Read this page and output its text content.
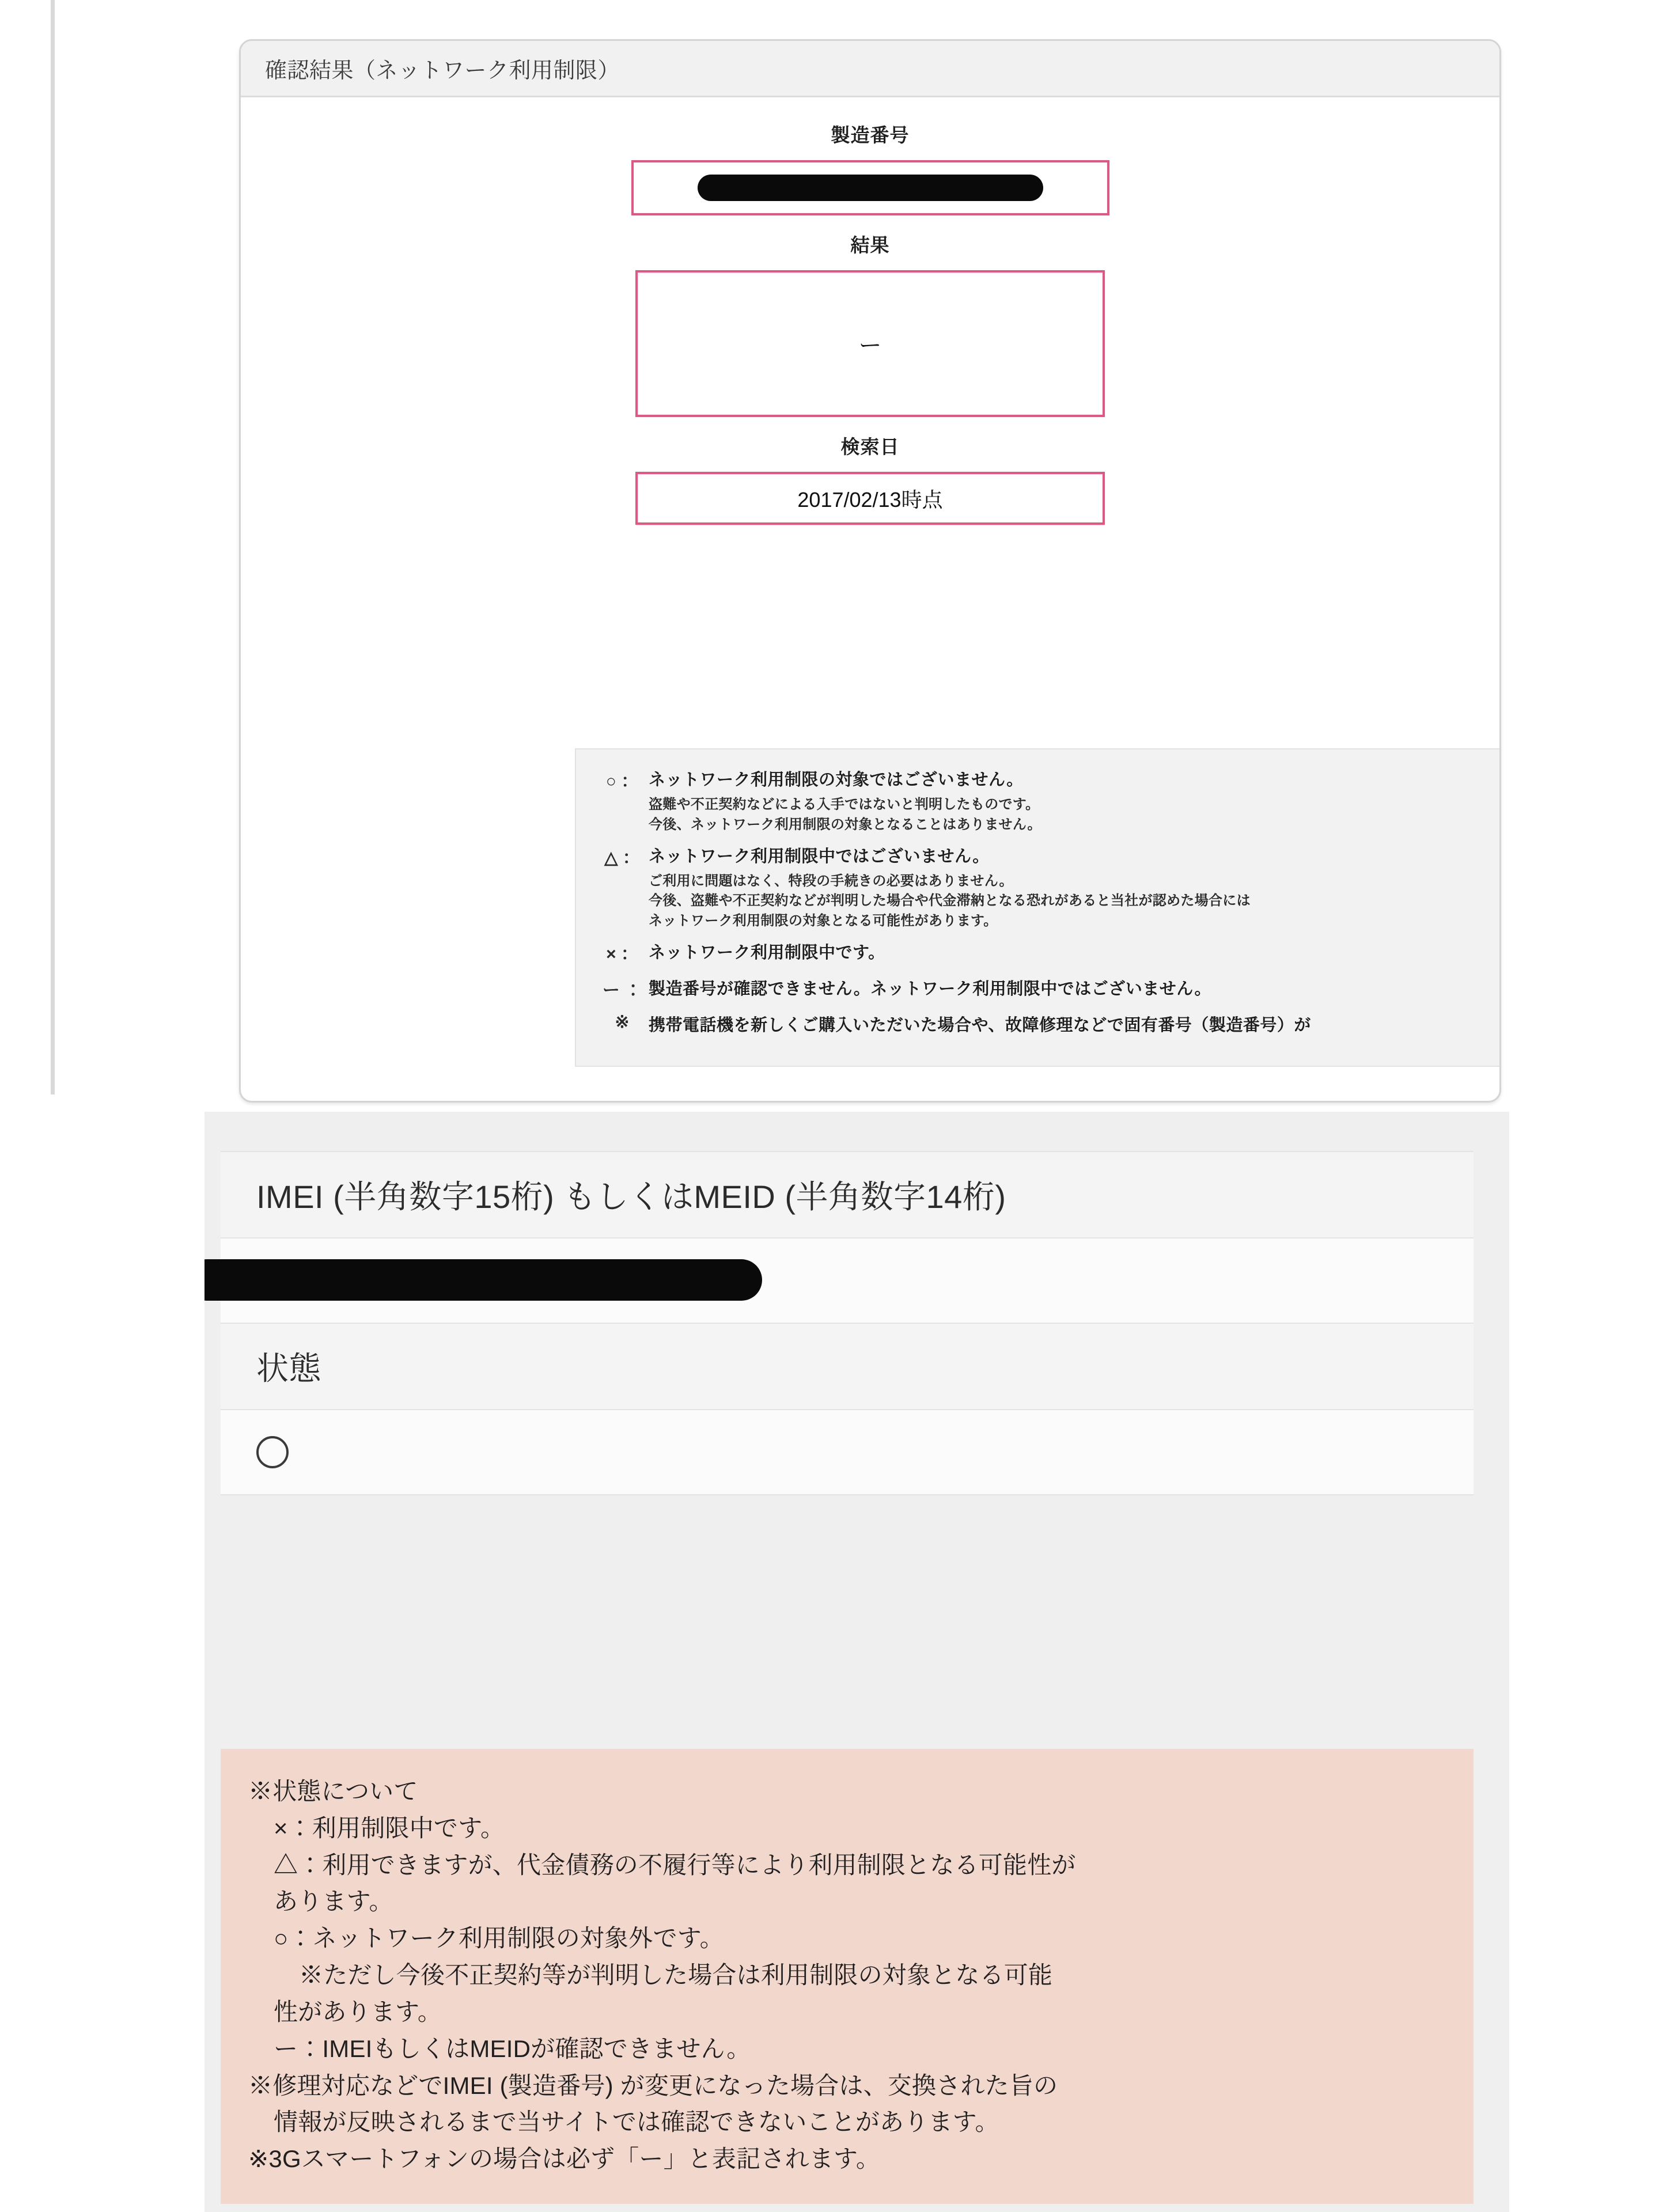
確認結果（ネットワーク利用制限）
製造番号
結果
ー
検索日
2017/02/13時点
○ ： ネットワーク利用制限の対象ではございません。
盗難や不正契約などによる入手ではないと判明したものです。
今後、ネットワーク利用制限の対象となることはありません。
△ ： ネットワーク利用制限中ではございません。
ご利用に問題はなく、特段の手続きの必要はありません。
今後、盗難や不正契約などが判明した場合や代金滞納となる恐れがあると当社が認めた場合には
ネットワーク利用制限の対象となる可能性があります。
× ： ネットワーク利用制限中です。
ー ： 製造番号が確認できません。ネットワーク利用制限中ではございません。
※	携帯電話機を新しくご購入いただいた場合や、故障修理などで固有番号（製造番号）が
IMEI (半角数字15桁) もしくはMEID (半角数字14桁)
状態
※状態について
×：利用制限中です。
△：利用できますが、代金債務の不履行等により利用制限となる可能性が
あります。
○：ネットワーク利用制限の対象外です。
※ただし今後不正契約等が判明した場合は利用制限の対象となる可能
性があります。
ー：IMEIもしくはMEIDが確認できません。
※修理対応などでIMEI (製造番号) が変更になった場合は、交換された旨の
情報が反映されるまで当サイトでは確認できないことがあります。
※3Gスマートフォンの場合は必ず「ー」と表記されます。
